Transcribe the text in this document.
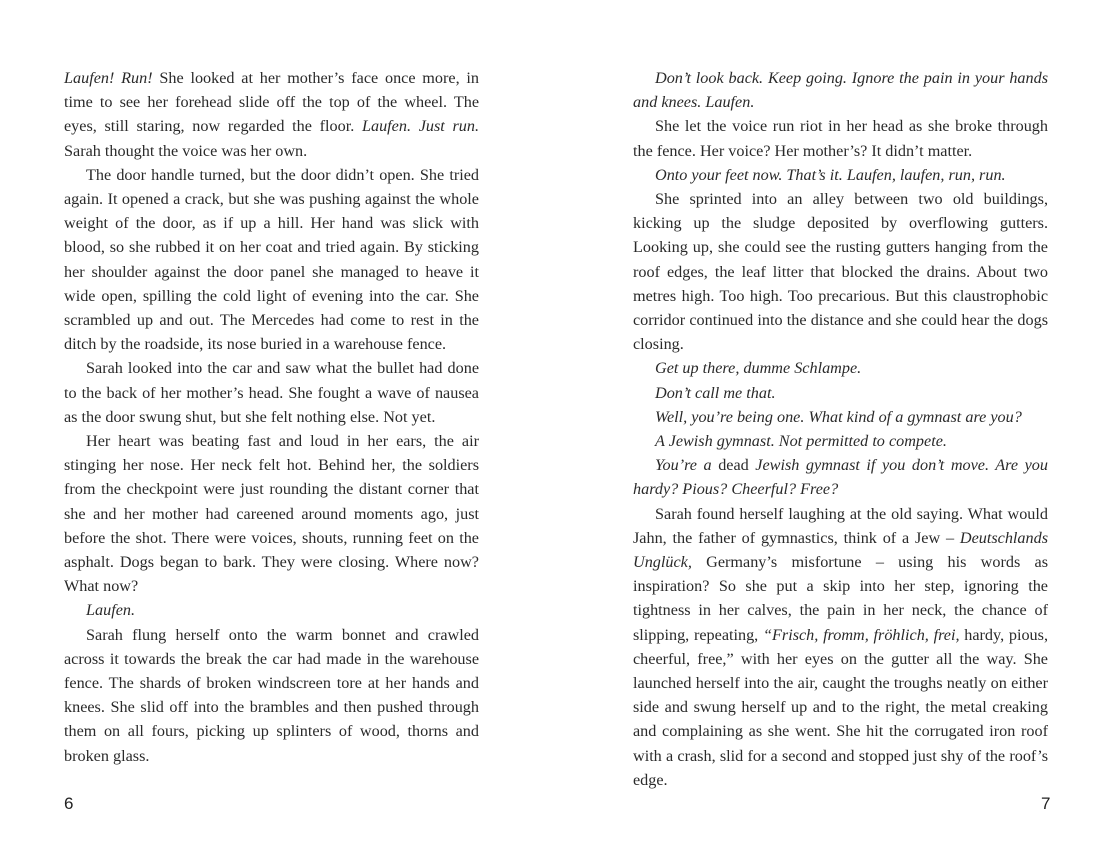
Laufen! Run! She looked at her mother’s face once more, in time to see her forehead slide off the top of the wheel. The eyes, still staring, now regarded the floor. Laufen. Just run. Sarah thought the voice was her own.

The door handle turned, but the door didn’t open. She tried again. It opened a crack, but she was pushing against the whole weight of the door, as if up a hill. Her hand was slick with blood, so she rubbed it on her coat and tried again. By sticking her shoulder against the door panel she managed to heave it wide open, spilling the cold light of evening into the car. She scrambled up and out. The Mercedes had come to rest in the ditch by the roadside, its nose buried in a warehouse fence.

Sarah looked into the car and saw what the bullet had done to the back of her mother’s head. She fought a wave of nausea as the door swung shut, but she felt nothing else. Not yet.

Her heart was beating fast and loud in her ears, the air stinging her nose. Her neck felt hot. Behind her, the soldiers from the checkpoint were just rounding the distant corner that she and her mother had careened around moments ago, just before the shot. There were voices, shouts, running feet on the asphalt. Dogs began to bark. They were closing. Where now? What now?

Laufen.

Sarah flung herself onto the warm bonnet and crawled across it towards the break the car had made in the warehouse fence. The shards of broken windscreen tore at her hands and knees. She slid off into the brambles and then pushed through them on all fours, picking up splinters of wood, thorns and broken glass.

6

Don’t look back. Keep going. Ignore the pain in your hands and knees. Laufen.

She let the voice run riot in her head as she broke through the fence. Her voice? Her mother’s? It didn’t matter.

Onto your feet now. That’s it. Laufen, laufen, run, run.

She sprinted into an alley between two old buildings, kicking up the sludge deposited by overflowing gutters. Looking up, she could see the rusting gutters hanging from the roof edges, the leaf litter that blocked the drains. About two metres high. Too high. Too precarious. But this claustrophobic corridor continued into the distance and she could hear the dogs closing.

Get up there, dumme Schlampe.

Don’t call me that.

Well, you’re being one. What kind of a gymnast are you?

A Jewish gymnast. Not permitted to compete.

You’re a dead Jewish gymnast if you don’t move. Are you hardy? Pious? Cheerful? Free?

Sarah found herself laughing at the old saying. What would Jahn, the father of gymnastics, think of a Jew – Deutschlands Unglück, Germany’s misfortune – using his words as inspiration? So she put a skip into her step, ignoring the tightness in her calves, the pain in her neck, the chance of slipping, repeating, “Frisch, fromm, fröhlich, frei, hardy, pious, cheerful, free,” with her eyes on the gutter all the way. She launched herself into the air, caught the troughs neatly on either side and swung herself up and to the right, the metal creaking and complaining as she went. She hit the corrugated iron roof with a crash, slid for a second and stopped just shy of the roof’s edge.

7
